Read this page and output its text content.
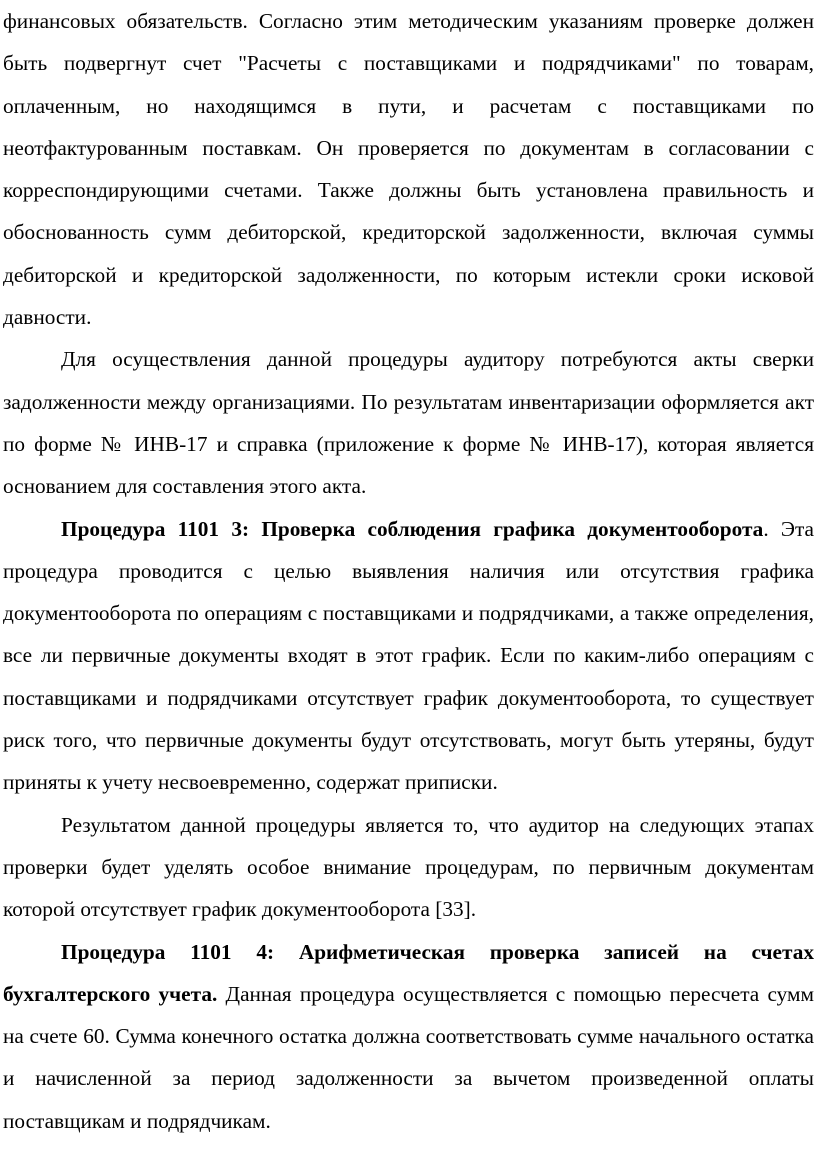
финансовых обязательств. Согласно этим методическим указаниям проверке должен быть подвергнут счет "Расчеты с поставщиками и подрядчиками" по товарам, оплаченным, но находящимся в пути, и расчетам с поставщиками по неотфактурованным поставкам. Он проверяется по документам в согласовании с корреспондирующими счетами. Также должны быть установлена правильность и обоснованность сумм дебиторской, кредиторской задолженности, включая суммы дебиторской и кредиторской задолженности, по которым истекли сроки исковой давности.

Для осуществления данной процедуры аудитору потребуются акты сверки задолженности между организациями. По результатам инвентаризации оформляется акт по форме № ИНВ-17 и справка (приложение к форме № ИНВ-17), которая является основанием для составления этого акта.

Процедура 1101 3: Проверка соблюдения графика документооборота. Эта процедура проводится с целью выявления наличия или отсутствия графика документооборота по операциям с поставщиками и подрядчиками, а также определения, все ли первичные документы входят в этот график. Если по каким-либо операциям с поставщиками и подрядчиками отсутствует график документооборота, то существует риск того, что первичные документы будут отсутствовать, могут быть утеряны, будут приняты к учету несвоевременно, содержат приписки.

Результатом данной процедуры является то, что аудитор на следующих этапах проверки будет уделять особое внимание процедурам, по первичным документам которой отсутствует график документооборота [33].

Процедура 1101 4: Арифметическая проверка записей на счетах бухгалтерского учета. Данная процедура осуществляется с помощью пересчета сумм на счете 60. Сумма конечного остатка должна соответствовать сумме начального остатка и начисленной за период задолженности за вычетом произведенной оплаты поставщикам и подрядчикам.
